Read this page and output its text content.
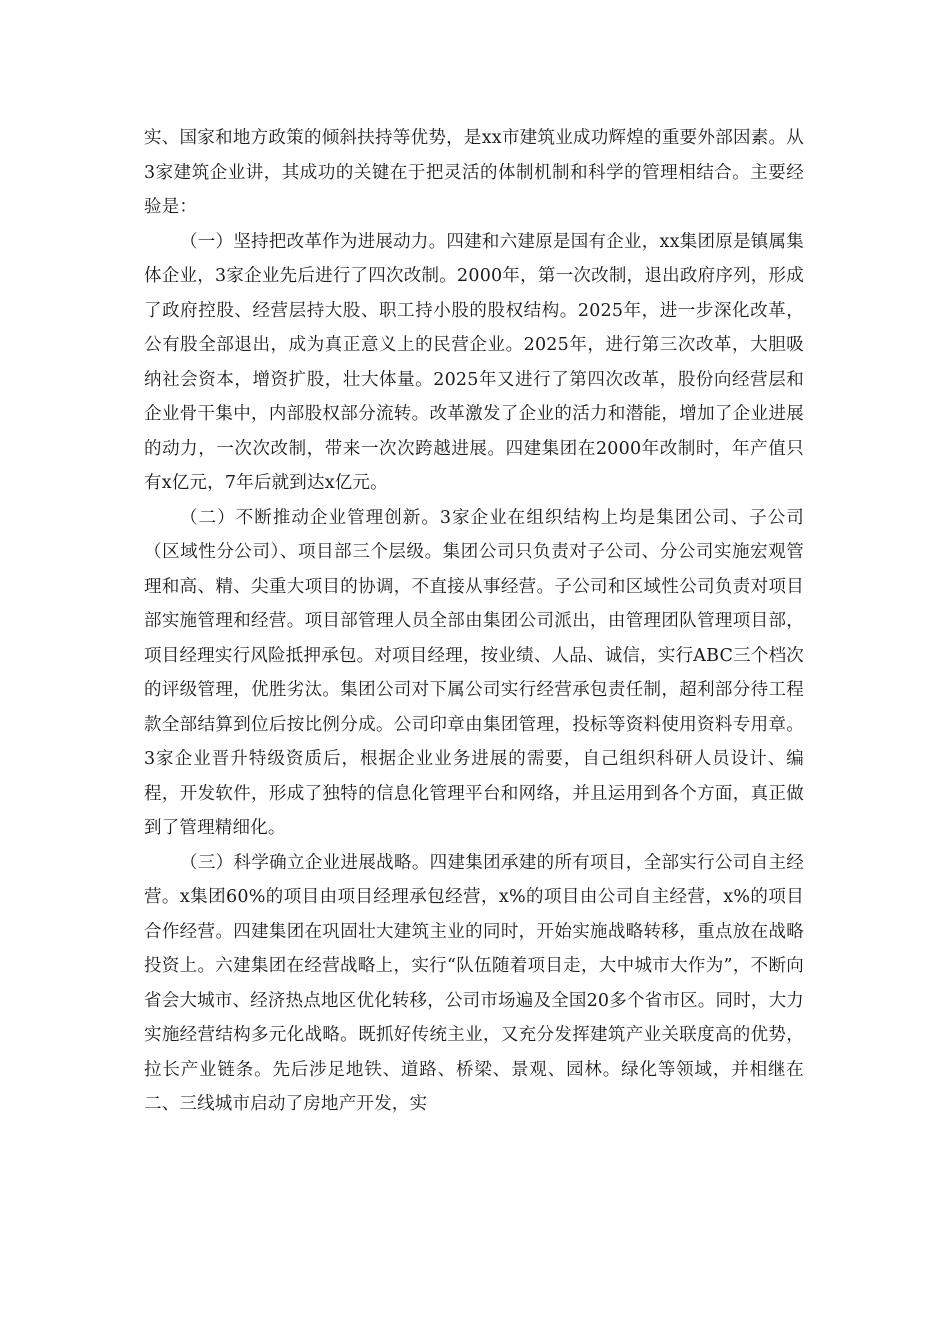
实、国家和地方政策的倾斜扶持等优势，是xx市建筑业成功辉煌的重要外部因素。从3家建筑企业讲，其成功的关键在于把灵活的体制机制和科学的管理相结合。主要经验是：

（一）坚持把改革作为进展动力。四建和六建原是国有企业，xx集团原是镇属集体企业，3家企业先后进行了四次改制。2000年，第一次改制，退出政府序列，形成了政府控股、经营层持大股、职工持小股的股权结构。2025年，进一步深化改革，公有股全部退出，成为真正意义上的民营企业。2025年，进行第三次改革，大胆吸纳社会资本，增资扩股，壮大体量。2025年又进行了第四次改革，股份向经营层和企业骨干集中，内部股权部分流转。改革激发了企业的活力和潜能，增加了企业进展的动力，一次次改制，带来一次次跨越进展。四建集团在2000年改制时，年产值只有x亿元，7年后就到达x亿元。

（二）不断推动企业管理创新。3家企业在组织结构上均是集团公司、子公司（区域性分公司）、项目部三个层级。集团公司只负责对子公司、分公司实施宏观管理和高、精、尖重大项目的协调，不直接从事经营。子公司和区域性公司负责对项目部实施管理和经营。项目部管理人员全部由集团公司派出，由管理团队管理项目部，项目经理实行风险抵押承包。对项目经理，按业绩、人品、诚信，实行ABC三个档次的评级管理，优胜劣汰。集团公司对下属公司实行经营承包责任制，超利部分待工程款全部结算到位后按比例分成。公司印章由集团管理，投标等资料使用资料专用章。3家企业晋升特级资质后，根据企业业务进展的需要，自己组织科研人员设计、编程，开发软件，形成了独特的信息化管理平台和网络，并且运用到各个方面，真正做到了管理精细化。

（三）科学确立企业进展战略。四建集团承建的所有项目，全部实行公司自主经营。x集团60%的项目由项目经理承包经营，x%的项目由公司自主经营，x%的项目合作经营。四建集团在巩固壮大建筑主业的同时，开始实施战略转移，重点放在战略投资上。六建集团在经营战略上，实行“队伍随着项目走，大中城市大作为”，不断向省会大城市、经济热点地区优化转移，公司市场遍及全国20多个省市区。同时，大力实施经营结构多元化战略。既抓好传统主业，又充分发挥建筑产业关联度高的优势，拉长产业链条。先后涉足地铁、道路、桥梁、景观、园林。绿化等领域，并相继在二、三线城市启动了房地产开发，实
